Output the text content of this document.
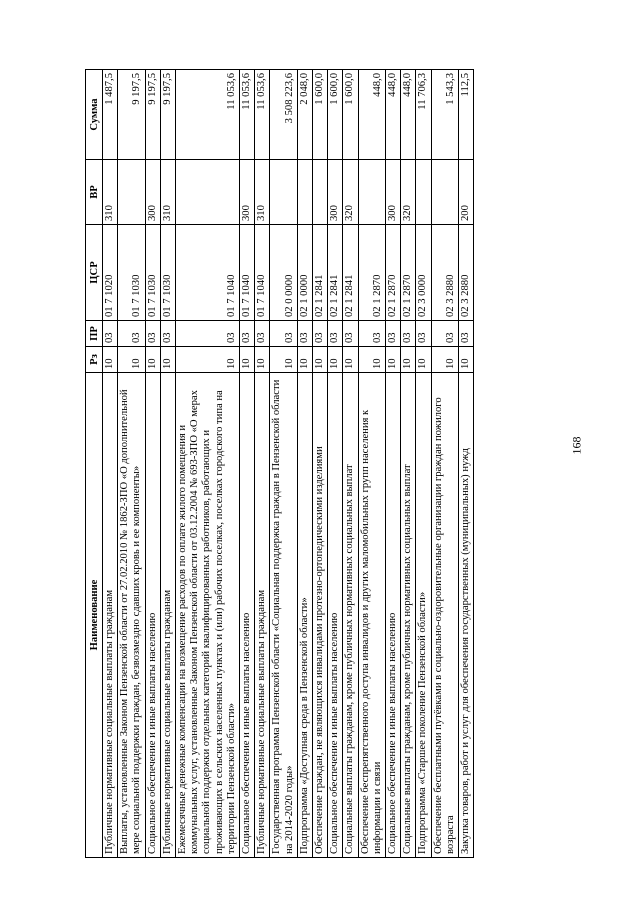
168
Наименование	Рз	ПР	ЦСР	ВР	Сумма
Публичные нормативные социальные выплаты гражданам	10	03	01 7 1020	310	1 487,5
Выплаты, установленные Законом Пензенской области от 27.02.2010 № 1862-ЗПО «О дополнительной мере социальной поддержки граждан, безвозмездно сдавших кровь и ее компоненты»	10	03	01 7 1030		9 197,5
Социальное обеспечение и иные выплаты населению	10	03	01 7 1030	300	9 197,5
Публичные нормативные социальные выплаты гражданам	10	03	01 7 1030	310	9 197,5
Ежемесячные денежные компенсации на возмещение расходов по оплате жилого помещения и коммунальных услуг, установленные Законом Пензенской области от 03.12.2004 № 693-ЗПО «О мерах социальной поддержки отдельных категорий квалифицированных работников, работающих и проживающих в сельских населенных пунктах и (или) рабочих поселках, поселках городского типа на территории Пензенской области»	10	03	01 7 1040		11 053,6
Социальное обеспечение и иные выплаты населению	10	03	01 7 1040	300	11 053,6
Публичные нормативные социальные выплаты гражданам	10	03	01 7 1040	310	11 053,6
Государственная программа Пензенской области «Социальная поддержка граждан в Пензенской области на 2014-2020 годы»	10	03	02 0 0000		3 508 223,6
Подпрограмма «Доступная среда в Пензенской области»	10	03	02 1 0000		2 048,0
Обеспечение граждан, не являющихся инвалидами протезно-ортопедическими изделиями	10	03	02 1 2841		1 600,0
Социальное обеспечение и иные выплаты населению	10	03	02 1 2841	300	1 600,0
Социальные выплаты гражданам, кроме публичных нормативных социальных выплат	10	03	02 1 2841	320	1 600,0
Обеспечение беспрепятственного доступа инвалидов и других маломобильных групп населения к информации и связи	10	03	02 1 2870		448,0
Социальное обеспечение и иные выплаты населению	10	03	02 1 2870	300	448,0
Социальные выплаты гражданам, кроме публичных нормативных социальных выплат	10	03	02 1 2870	320	448,0
Подпрограмма «Старшее поколение Пензенской области»	10	03	02 3 0000		11 706,3
Обеспечение бесплатными путёвками в социально-оздоровительные организации граждан пожилого возраста	10	03	02 3 2880		1 543,3
Закупка товаров, работ и услуг для обеспечения государственных (муниципальных) нужд	10	03	02 3 2880	200	112,5
